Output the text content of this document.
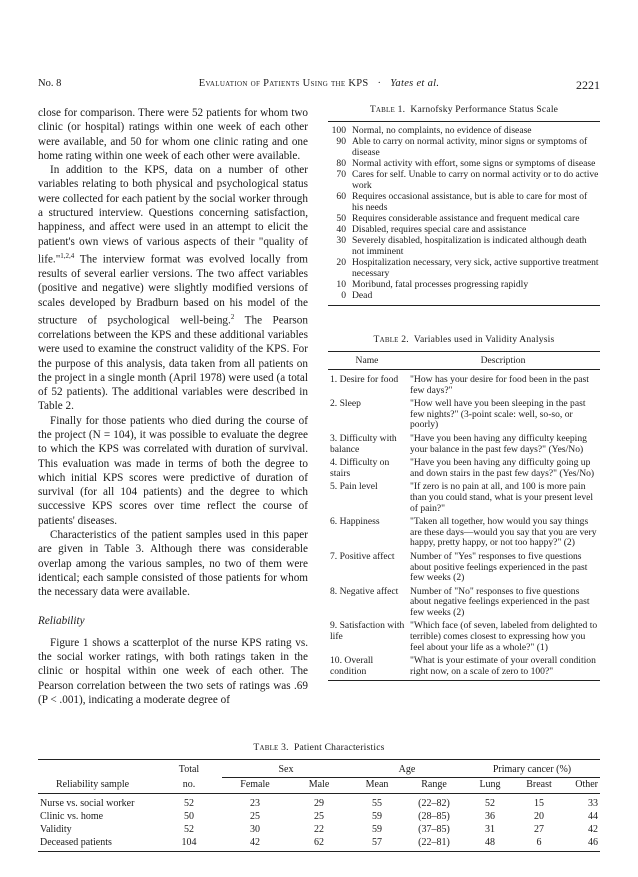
No. 8	Evaluation of Patients Using the KPS · Yates et al.	2221

close for comparison. There were 52 patients for whom two clinic (or hospital) ratings within one week of each other were available, and 50 for whom one clinic rating and one home rating within one week of each other were available.

In addition to the KPS, data on a number of other variables relating to both physical and psychological status were collected for each patient by the social worker through a structured interview. Questions concerning satisfaction, happiness, and affect were used in an attempt to elicit the patient's own views of various aspects of their "quality of life."$^{1,2,4}$ The interview format was evolved locally from results of several earlier versions. The two affect variables (positive and negative) were slightly modified versions of scales developed by Bradburn based on his model of the structure of psychological well-being.$^2$ The Pearson correlations between the KPS and these additional variables were used to examine the construct validity of the KPS. For the purpose of this analysis, data taken from all patients on the project in a single month (April 1978) were used (a total of 52 patients). The additional variables were described in Table 2.

Finally for those patients who died during the course of the project (N = 104), it was possible to evaluate the degree to which the KPS was correlated with duration of survival. This evaluation was made in terms of both the degree to which initial KPS scores were predictive of duration of survival (for all 104 patients) and the degree to which successive KPS scores over time reflect the course of patients' diseases.

Characteristics of the patient samples used in this paper are given in Table 3. Although there was considerable overlap among the various samples, no two of them were identical; each sample consisted of those patients for whom the necessary data were available.

Reliability

Figure 1 shows a scatterplot of the nurse KPS rating vs. the social worker ratings, with both ratings taken in the clinic or hospital within one week of each other. The Pearson correlation between the two sets of ratings was .69 (P < .001), indicating a moderate degree of

Table 1. Karnofsky Performance Status Scale
100 Normal, no complaints, no evidence of disease
90 Able to carry on normal activity, minor signs or symptoms of disease
80 Normal activity with effort, some signs or symptoms of disease
70 Cares for self. Unable to carry on normal activity or to do active work
60 Requires occasional assistance, but is able to care for most of his needs
50 Requires considerable assistance and frequent medical care
40 Disabled, requires special care and assistance
30 Severely disabled, hospitalization is indicated although death not imminent
20 Hospitalization necessary, very sick, active supportive treatment necessary
10 Moribund, fatal processes progressing rapidly
0 Dead
Table 2. Variables used in Validity Analysis
Name	Description
1. Desire for food	"How has your desire for food been in the past few days?"
2. Sleep	"How well have you been sleeping in the past few nights?" (3-point scale: well, so-so, or poorly)
3. Difficulty with balance
"Have you been having any difficulty keeping your balance in the past few days?" (Yes/No)
4. Difficulty on stairs
"Have you been having any difficulty going up and down stairs in the past few days?" (Yes/No)
5. Pain level	"If zero is no pain at all, and 100 is more pain than you could stand, what is your present level of pain?"
6. Happiness	"Taken all together, how would you say things are these days—would you say that you are very happy, pretty happy, or not too happy?" (2)
7. Positive affect	Number of "Yes" responses to five questions about positive feelings experienced in the past few weeks (2)
8. Negative affect	Number of "No" responses to five questions about negative feelings experienced in the past few weeks (2)
9. Satisfaction with life
"Which face (of seven, labeled from delighted to terrible) comes closest to expressing how you feel about your life as a whole?" (1)
10. Overall condition
"What is your estimate of your overall condition right now, on a scale of zero to 100?"
Table 3. Patient Characteristics
	Total	Sex		Age		Primary cancer (%)		
Reliability sample	no.	Female	Male	Mean	Range	Lung	Breast	Other
Nurse vs. social worker	52	23	29	55	(22–82)	52	15	33
Clinic vs. home	50	25	25	59	(28–85)	36	20	44
Validity	52	30	22	59	(37–85)	31	27	42
Deceased patients	104	42	62	57	(22–81)	48	6	46
